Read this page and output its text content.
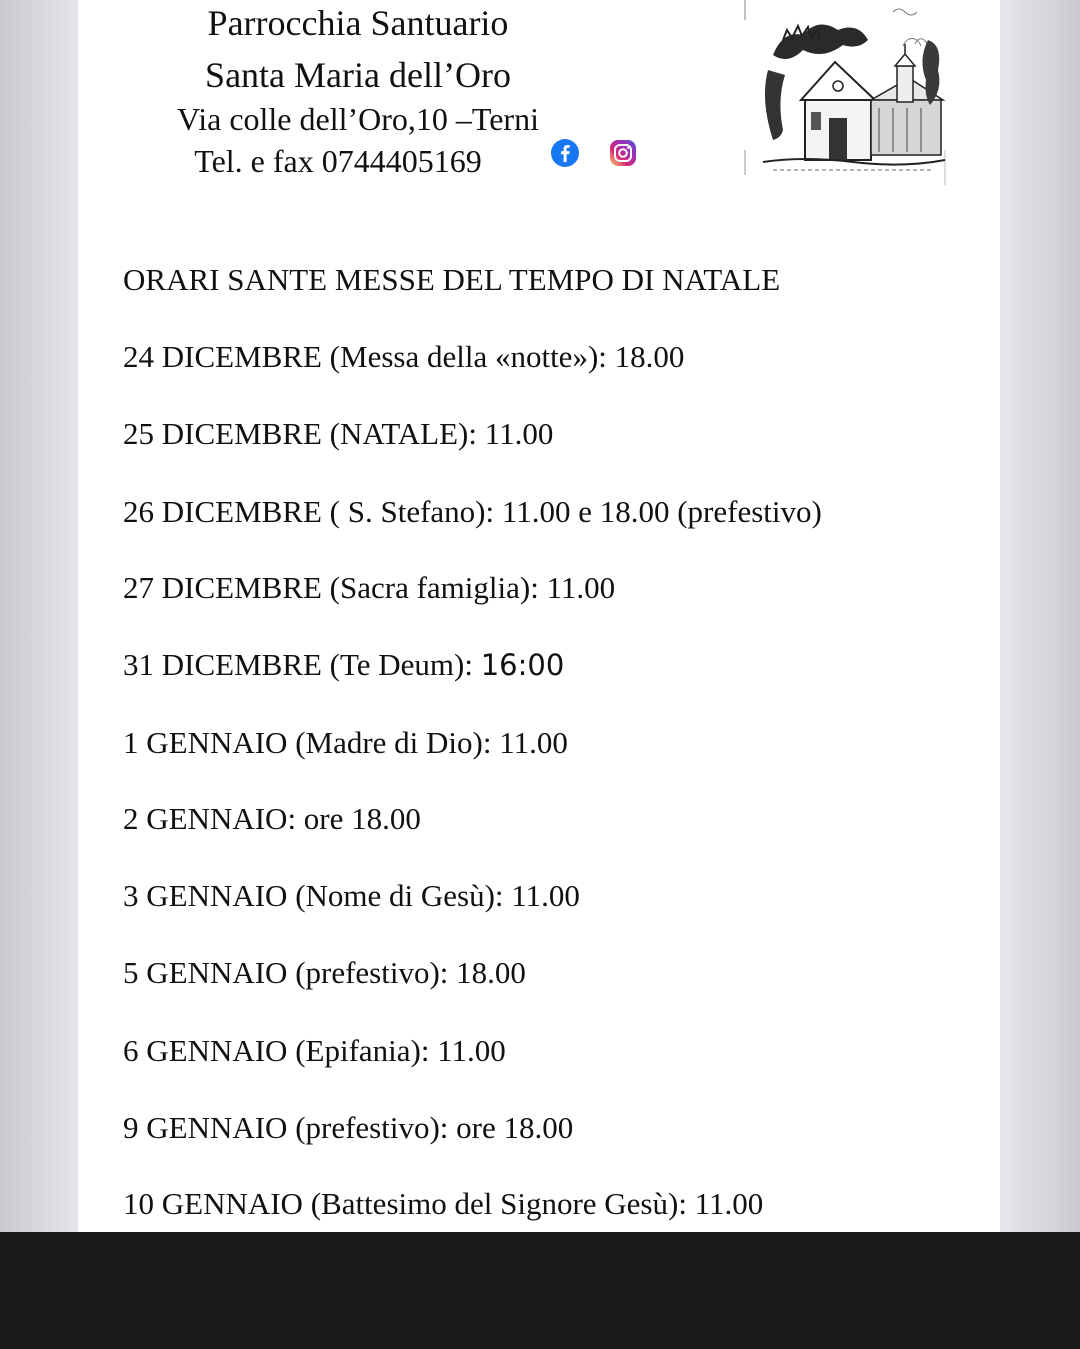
Parrocchia Santuario
Santa Maria dell’Oro
Via colle dell’Oro,10 –Terni
Tel. e fax 0744405169
ORARI SANTE MESSE DEL TEMPO DI NATALE
24 DICEMBRE (Messa della «notte»): 18.00
25 DICEMBRE (NATALE): 11.00
26 DICEMBRE ( S. Stefano): 11.00 e 18.00 (prefestivo)
27 DICEMBRE (Sacra famiglia): 11.00
31 DICEMBRE (Te Deum): 16:00
1 GENNAIO (Madre di Dio): 11.00
2 GENNAIO: ore 18.00
3 GENNAIO (Nome di Gesù): 11.00
5 GENNAIO (prefestivo): 18.00
6 GENNAIO (Epifania): 11.00
9 GENNAIO (prefestivo): ore 18.00
10 GENNAIO (Battesimo del Signore Gesù): 11.00
